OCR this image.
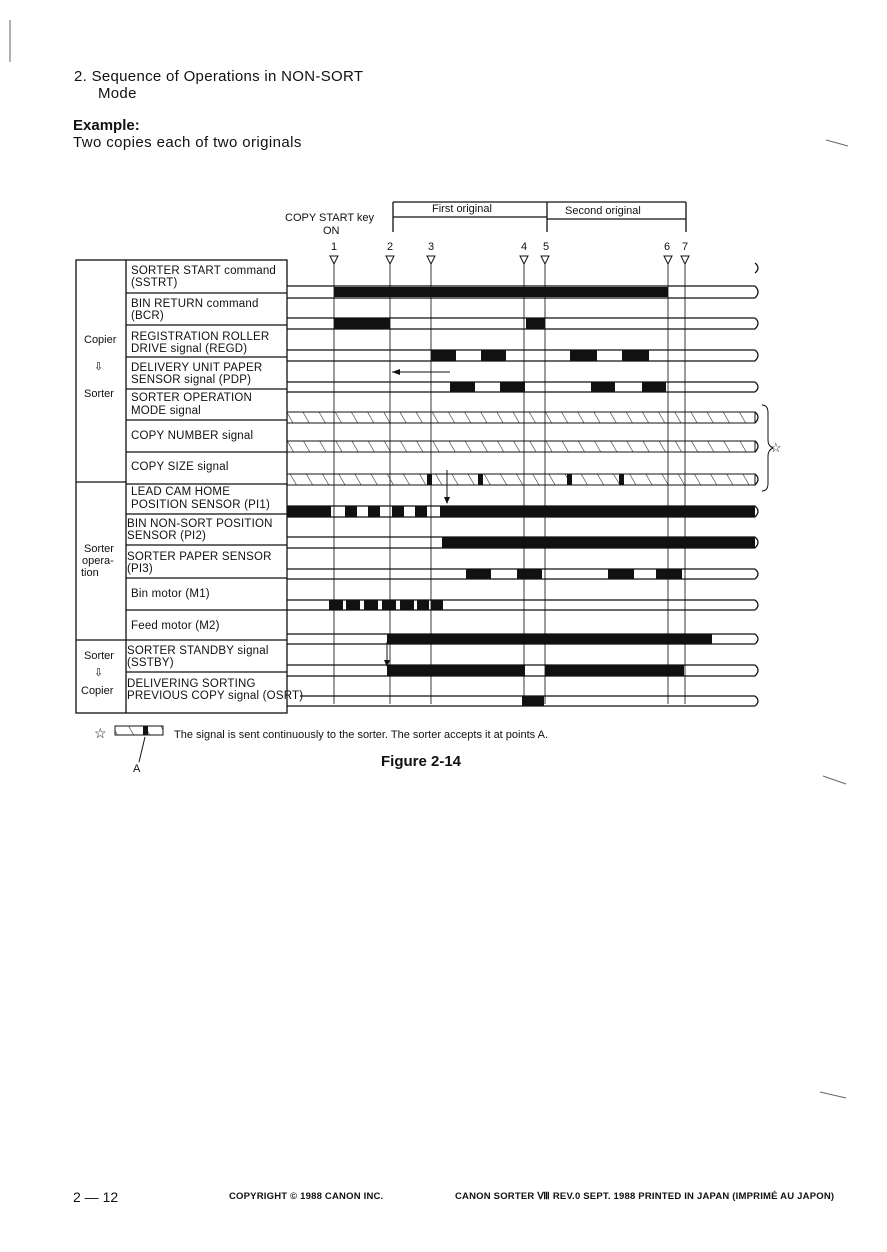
2. Sequence of Operations in NON-SORT
Mode
Example:
Two copies each of two originals
COPY START key
ON
First original	Second original
1	2	3	4 5	6 7
Copier
⇩
Sorter
Sorter
opera-
tion
Sorter
⇩
Copier
SORTER START command
(SSTRT)
BIN RETURN command
(BCR)
REGISTRATION ROLLER
DRIVE signal (REGD)
DELIVERY UNIT PAPER
SENSOR signal (PDP)
SORTER OPERATION
MODE signal
COPY NUMBER signal
COPY SIZE signal
LEAD CAM HOME
POSITION SENSOR (PI1)
BIN NON-SORT POSITION
SENSOR (PI2)
SORTER PAPER SENSOR
(PI3)
Bin motor (M1)
Feed motor (M2)
SORTER STANDBY signal
(SSTBY)
DELIVERING SORTING
PREVIOUS COPY signal (OSRT)
☆	The signal is sent continuously to the sorter. The sorter accepts it at points A.
A
☆
Figure 2-14
2 — 12	COPYRIGHT © 1988 CANON INC.	CANON SORTER Ⅷ REV.0 SEPT. 1988 PRINTED IN JAPAN (IMPRIMÉ AU JAPON)
